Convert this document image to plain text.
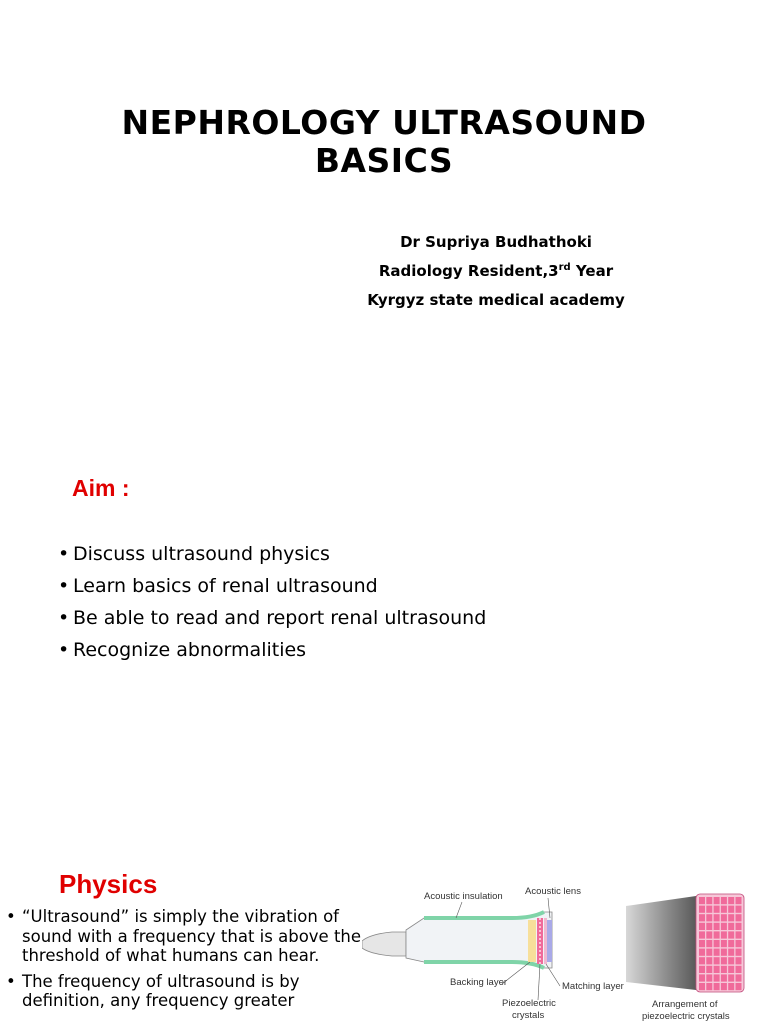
NEPHROLOGY ULTRASOUND
BASICS
Dr Supriya Budhathoki
Radiology Resident,3rd Year
Kyrgyz state medical academy
Aim :
• Discuss ultrasound physics
• Learn basics of renal ultrasound
• Be able to read and report renal ultrasound
• Recognize abnormalities
Physics
• “Ultrasound” is simply the vibration of sound with a frequency that is above the threshold of what humans can hear.
• The frequency of ultrasound is by definition, any frequency greater
Acoustic insulation Acoustic lens
Backing layer	Matching layer
Piezoelectric
crystals
Arrangement of
piezoelectric crystals
